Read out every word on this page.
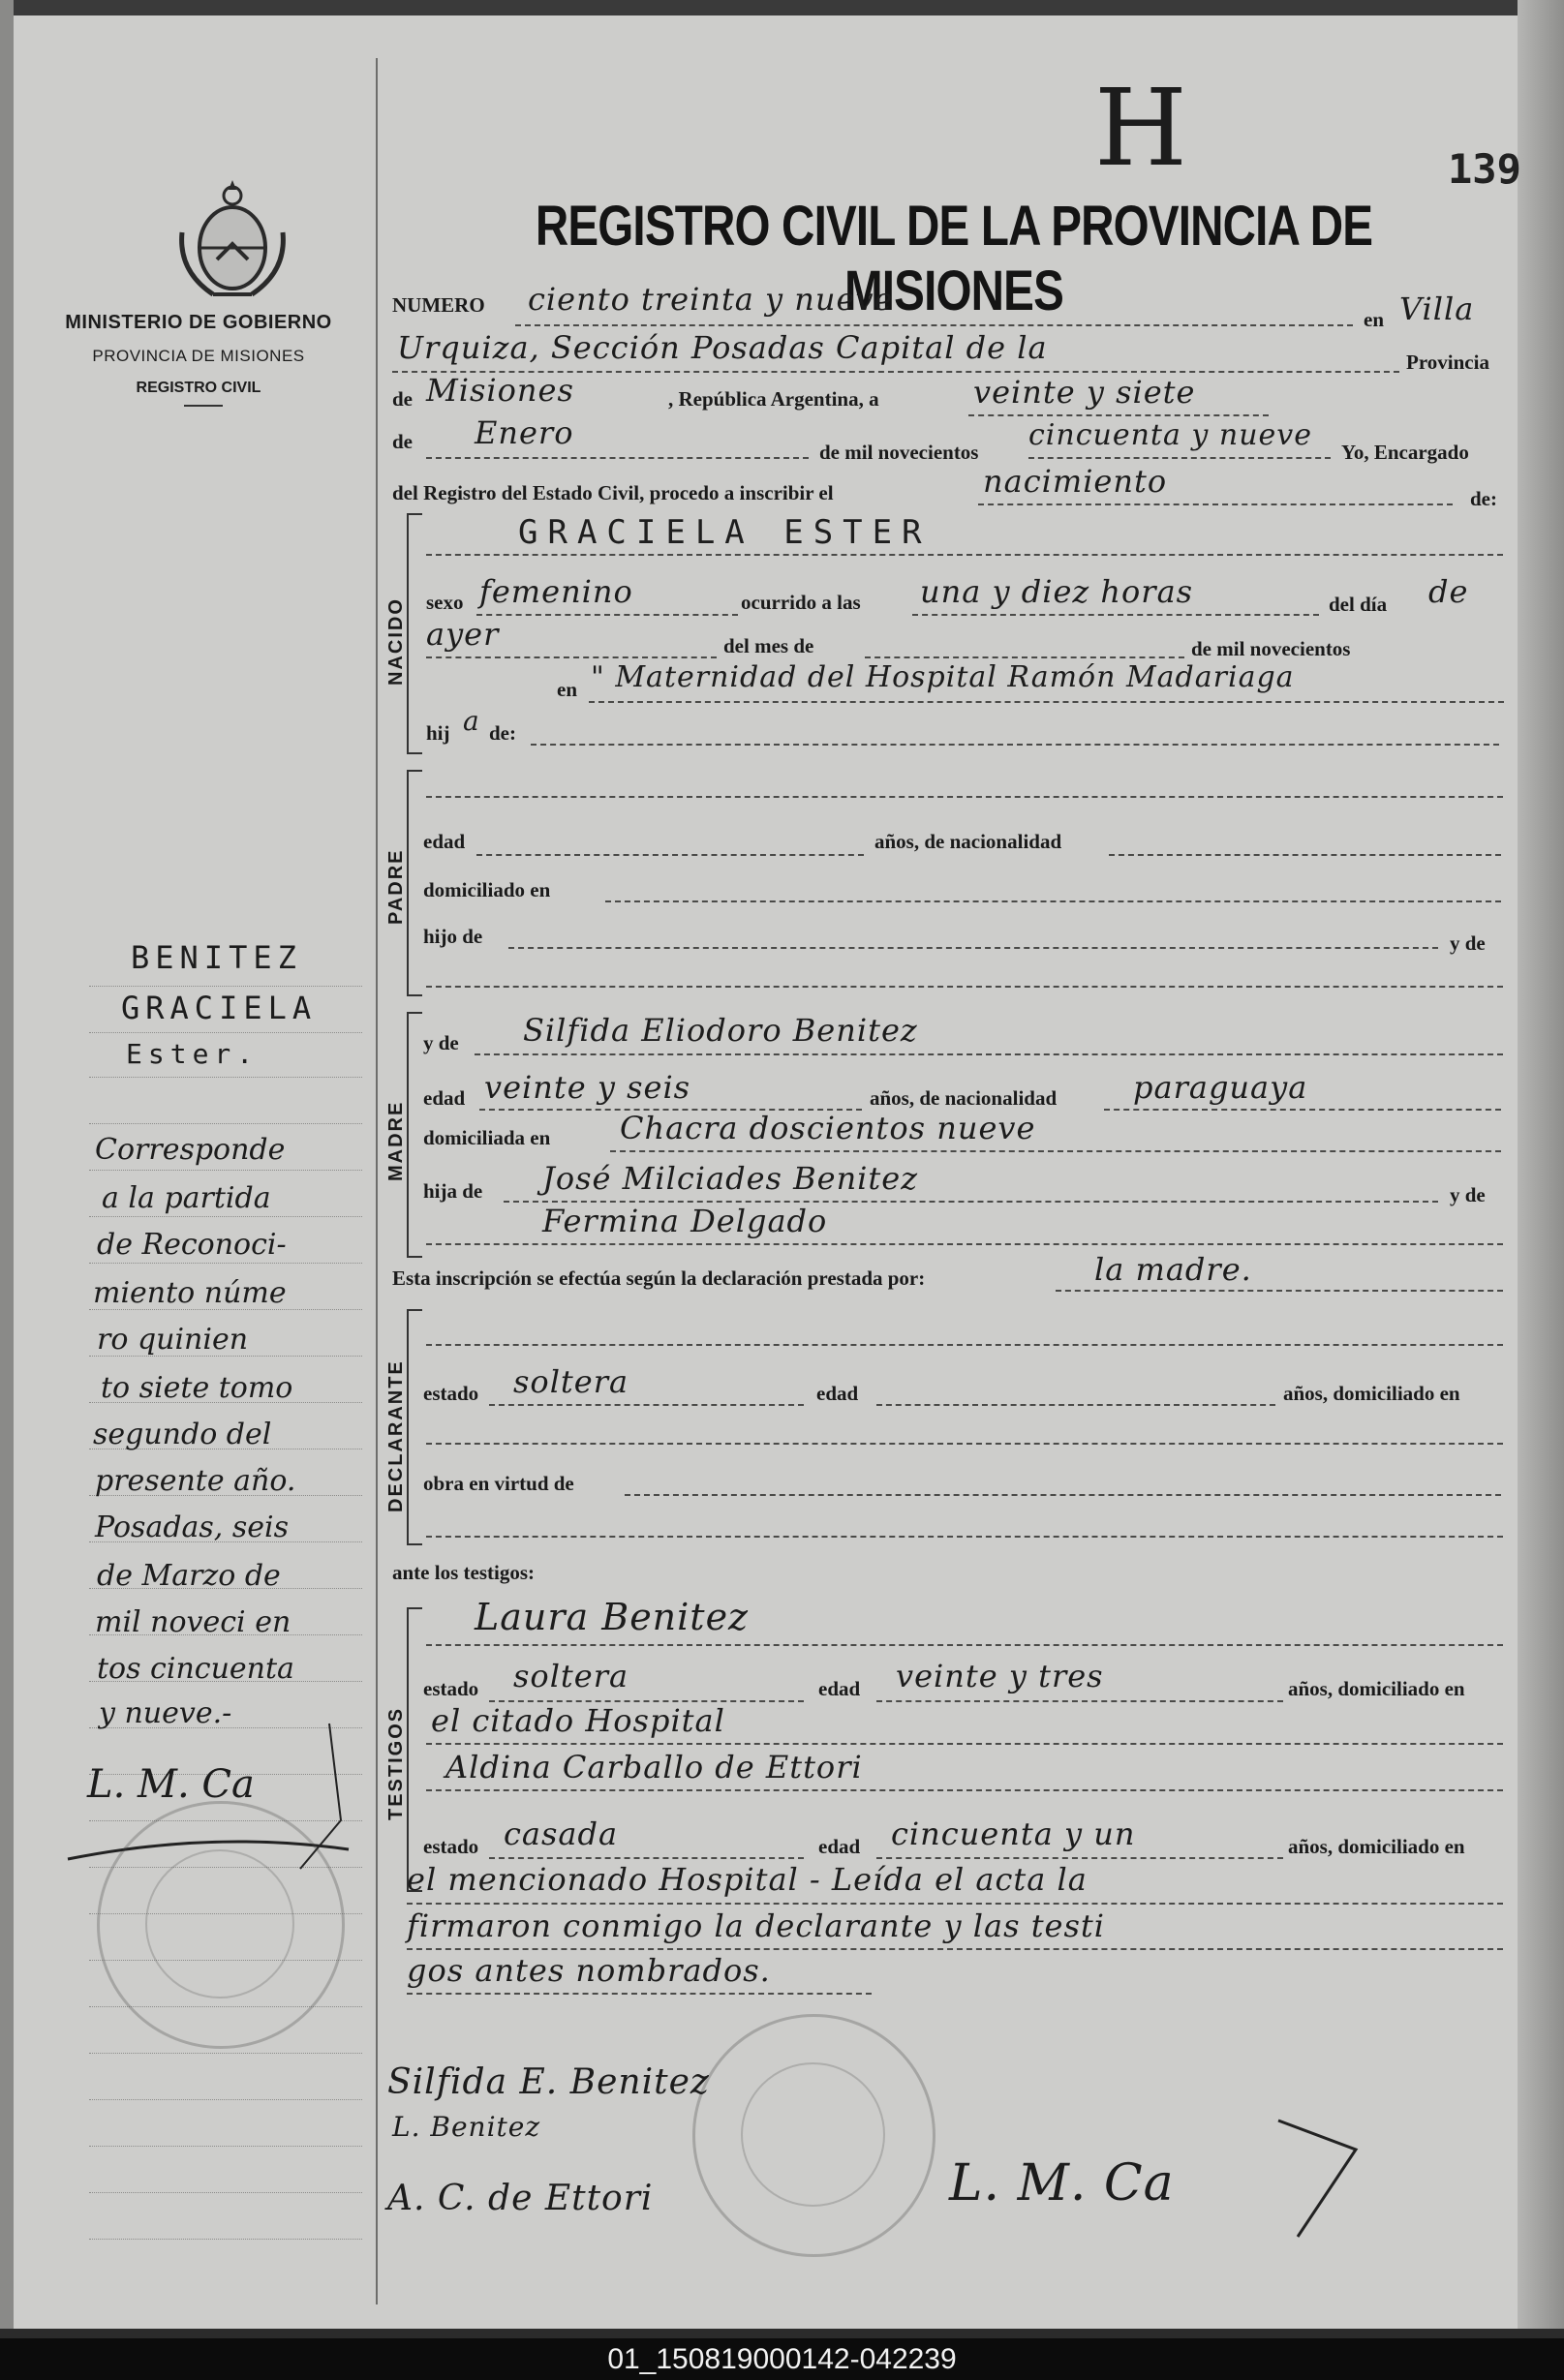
MINISTERIO DE GOBIERNO
PROVINCIA DE MISIONES
REGISTRO CIVIL
REGISTRO CIVIL DE LA PROVINCIA DE MISIONES
139
H
BENITEZ
GRACIELA
Ester.
Corresponde
a la partida
de Reconoci-
miento núme
ro quinien
to siete tomo
segundo del
presente año.
Posadas, seis
de Marzo de
mil noveci en
tos cincuenta
y nueve.-
L. M. Ca
NUMERO ciento treinta y nueve
en Villa
Urquiza, Sección Posadas Capital de la	Provincia
de Misiones	, República Argentina, a	veinte y siete
de Enero
de mil novecientos cincuenta y nueve Yo, Encargado
del Registro del Estado Civil, procedo a inscribir el	nacimiento	de:
NACIDO
GRACIELA ESTER
sexo femenino	ocurrido a las una y diez horas	del día de
ayer	del mes de	de mil novecientos
en " Maternidad del Hospital Ramón Madariaga
hij a de:
PADRE
edad	años, de nacionalidad
domiciliado en
hijo de	y de
MADRE
y de Silfida Eliodoro Benitez
edad veinte y seis	años, de nacionalidad paraguaya
domiciliada en Chacra doscientos nueve
hija de José Milciades Benitez	y de
Fermina Delgado
Esta inscripción se efectúa según la declaración prestada por:	la madre.
DECLARANTE estado soltera	edad	años, domiciliado en
obra en virtud de
ante los testigos:
TESTIGOS
Laura Benitez
estado soltera	edad veinte y tres	años, domiciliado en
el citado Hospital
Aldina Carballo de Ettori
estado casada	edad cincuenta y un	años, domiciliado en
el mencionado Hospital - Leída el acta la
firmaron conmigo la declarante y las testi
gos antes nombrados.
Silfida E. Benitez
L. Benitez
A. C. de Ettori	L. M. Ca
01_150819000142-042239
